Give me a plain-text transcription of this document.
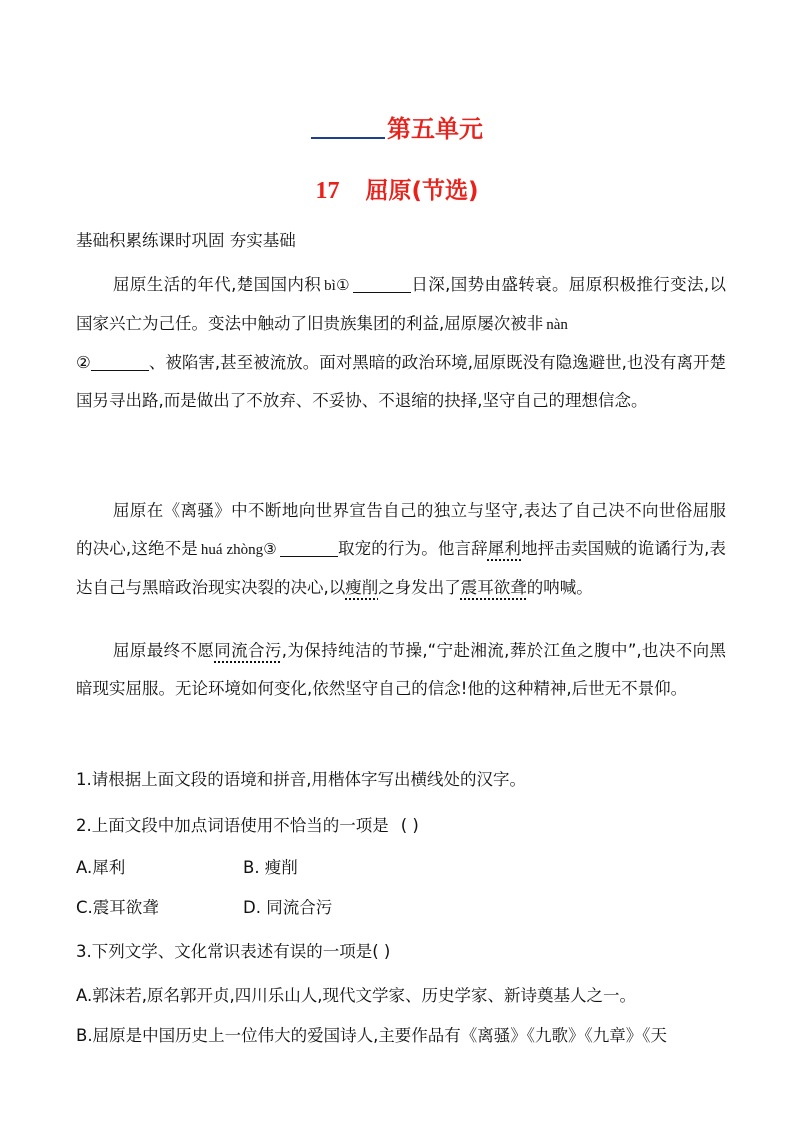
第五单元
17 屈原(节选)
基础积累练课时巩固 夯实基础
屈原生活的年代,楚国国内积 bì①	日深,国势由盛转衰。屈原积极推行变法,以国家兴亡为己任。变法中触动了旧贵族集团的利益,屈原屡次被非 nàn
②	、被陷害,甚至被流放。面对黑暗的政治环境,屈原既没有隐逸避世,也没有离开楚国另寻出路,而是做出了不放弃、不妥协、不退缩的抉择,坚守自己的理想信念。
屈原在《离骚》中不断地向世界宣告自己的独立与坚守,表达了自己决不向世俗屈服的决心,这绝不是 huá zhòng③	取宠的行为。他言辞犀利地抨击卖国贼的诡谲行为,表达自己与黑暗政治现实决裂的决心,以瘦削之身发出了震耳欲聋的呐喊。
屈原最终不愿同流合污,为保持纯洁的节操,“宁赴湘流,葬於江鱼之腹中”,也决不向黑暗现实屈服。无论环境如何变化,依然坚守自己的信念!他的这种精神,后世无不景仰。
1.请根据上面文段的语境和拼音,用楷体字写出横线处的汉字。
2.上面文段中加点词语使用不恰当的一项是 ( )
A.犀利	B. 瘦削
C.震耳欲聋	D. 同流合污
3.下列文学、文化常识表述有误的一项是( )
A.郭沫若,原名郭开贞,四川乐山人,现代文学家、历史学家、新诗奠基人之一。
B.屈原是中国历史上一位伟大的爱国诗人,主要作品有《离骚》《九歌》《九章》《天
